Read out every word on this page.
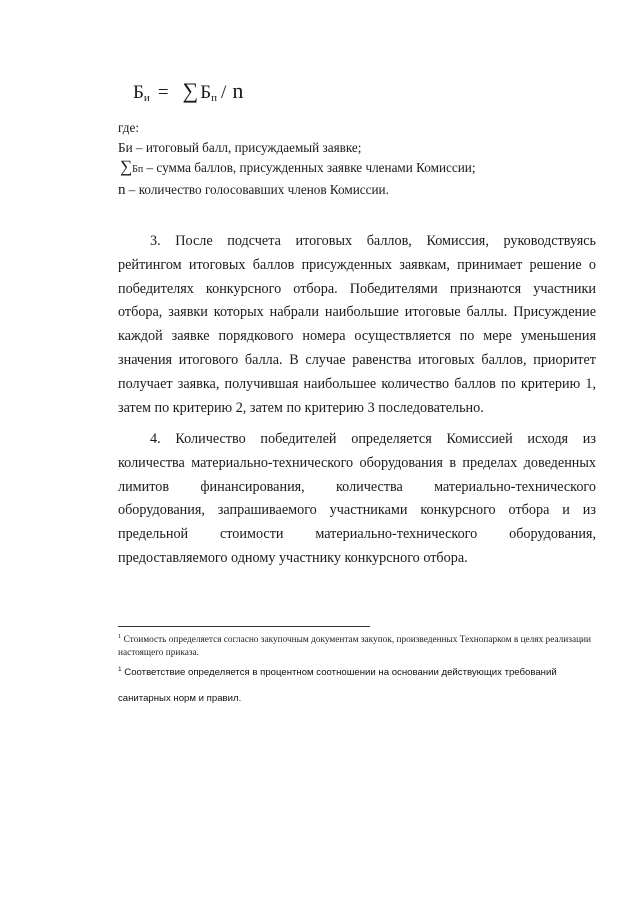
Б и = ∑ Б п / n
где:
Би – итоговый балл, присуждаемый заявке;
∑Бп – сумма баллов, присужденных заявке членами Комиссии;
n – количество голосовавших членов Комиссии.

3. После подсчета итоговых баллов, Комиссия, руководствуясь рейтингом итоговых баллов присужденных заявкам, принимает решение о победителях конкурсного отбора. Победителями признаются участники отбора, заявки которых набрали наибольшие итоговые баллы. Присуждение каждой заявке порядкового номера осуществляется по мере уменьшения значения итогового балла. В случае равенства итоговых баллов, приоритет получает заявка, получившая наибольшее количество баллов по критерию 1, затем по критерию 2, затем по критерию 3 последовательно.

4. Количество победителей определяется Комиссией исходя из количества материально-технического оборудования в пределах доведенных лимитов финансирования, количества материально-технического оборудования, запрашиваемого участниками конкурсного отбора и из предельной стоимости материально-технического оборудования, предоставляемого одному участнику конкурсного отбора.

$^1$ Стоимость определяется согласно закупочным документам закупок, произведенных Технопарком в целях реализации настоящего приказа.
$^1$ Соответствие определяется в процентном соотношении на основании действующих требований санитарных норм и правил.
